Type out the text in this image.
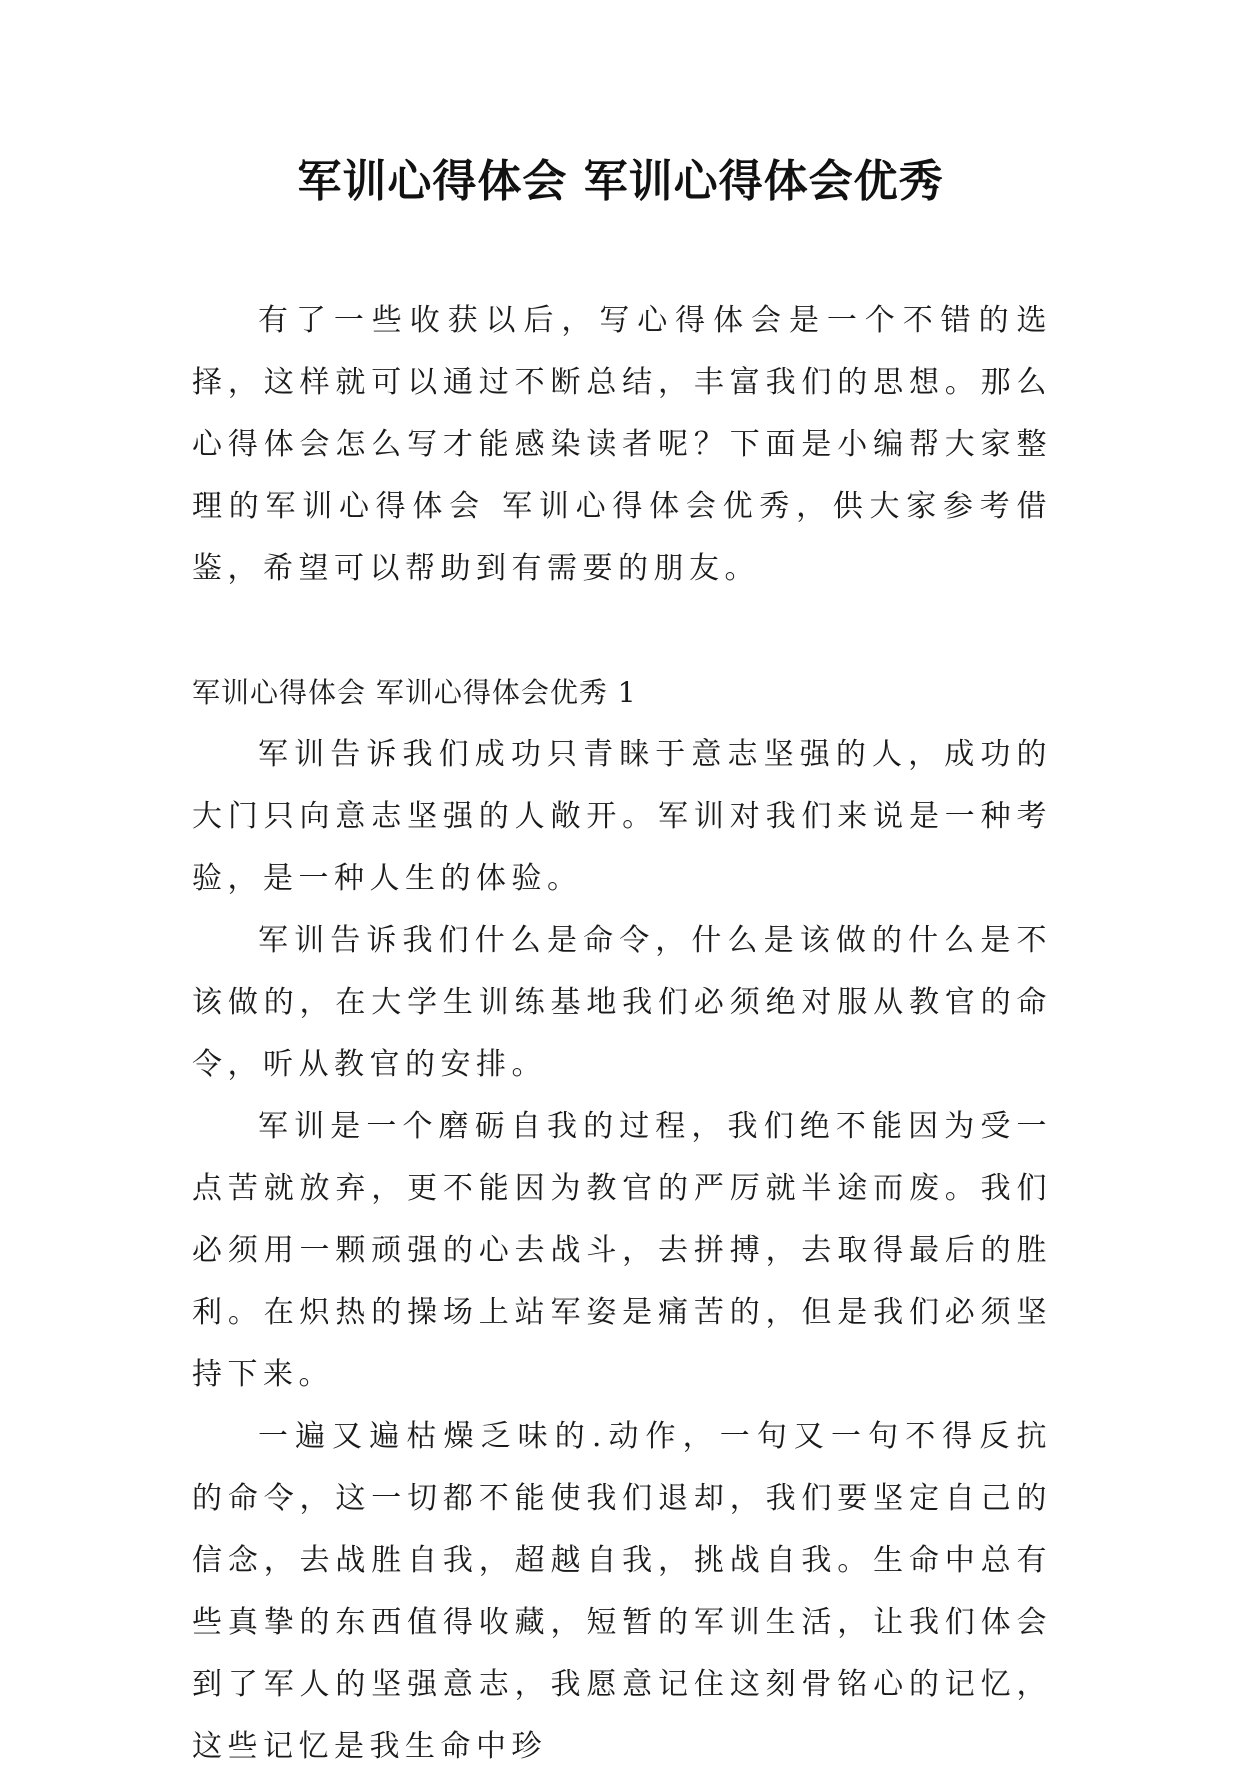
军训心得体会 军训心得体会优秀

有了一些收获以后，写心得体会是一个不错的选择，这样就可以通过不断总结，丰富我们的思想。那么心得体会怎么写才能感染读者呢？下面是小编帮大家整理的军训心得体会 军训心得体会优秀，供大家参考借鉴，希望可以帮助到有需要的朋友。

军训心得体会 军训心得体会优秀 1

军训告诉我们成功只青睐于意志坚强的人，成功的大门只向意志坚强的人敞开。军训对我们来说是一种考验，是一种人生的体验。

军训告诉我们什么是命令，什么是该做的什么是不该做的，在大学生训练基地我们必须绝对服从教官的命令，听从教官的安排。

军训是一个磨砺自我的过程，我们绝不能因为受一点苦就放弃，更不能因为教官的严厉就半途而废。我们必须用一颗顽强的心去战斗，去拼搏，去取得最后的胜利。在炽热的操场上站军姿是痛苦的，但是我们必须坚持下来。

一遍又遍枯燥乏味的.动作，一句又一句不得反抗的命令，这一切都不能使我们退却，我们要坚定自己的信念，去战胜自我，超越自我，挑战自我。生命中总有些真挚的东西值得收藏，短暂的军训生活，让我们体会到了军人的坚强意志，我愿意记住这刻骨铭心的记忆，这些记忆是我生命中珍
